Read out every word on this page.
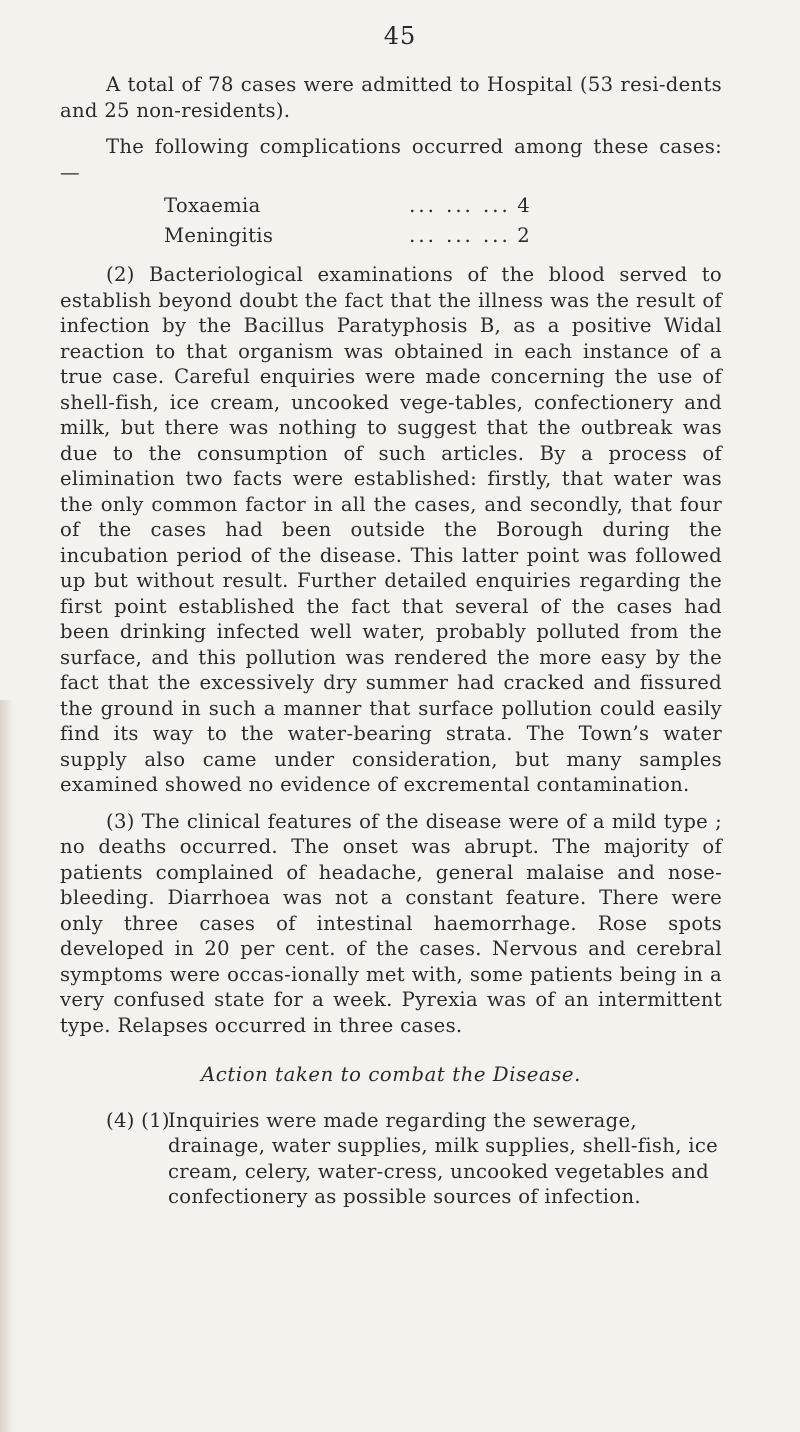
45

A total of 78 cases were admitted to Hospital (53 resi-dents and 25 non-residents).

The following complications occurred among these cases: —

Toxaemia	... ... ... 4
Meningitis	... ... ... 2

(2) Bacteriological examinations of the blood served to establish beyond doubt the fact that the illness was the result of infection by the Bacillus Paratyphosis B, as a positive Widal reaction to that organism was obtained in each instance of a true case. Careful enquiries were made concerning the use of shell-fish, ice cream, uncooked vege-tables, confectionery and milk, but there was nothing to suggest that the outbreak was due to the consumption of such articles. By a process of elimination two facts were established: firstly, that water was the only common factor in all the cases, and secondly, that four of the cases had been outside the Borough during the incubation period of the disease. This latter point was followed up but without result. Further detailed enquiries regarding the first point established the fact that several of the cases had been drinking infected well water, probably polluted from the surface, and this pollution was rendered the more easy by the fact that the excessively dry summer had cracked and fissured the ground in such a manner that surface pollution could easily find its way to the water-bearing strata. The Town’s water supply also came under consideration, but many samples examined showed no evidence of excremental contamination.

(3) The clinical features of the disease were of a mild type ; no deaths occurred. The onset was abrupt. The majority of patients complained of headache, general malaise and nose-bleeding. Diarrhoea was not a constant feature. There were only three cases of intestinal haemorrhage. Rose spots developed in 20 per cent. of the cases. Nervous and cerebral symptoms were occas-ionally met with, some patients being in a very confused state for a week. Pyrexia was of an intermittent type. Relapses occurred in three cases.

Action taken to combat the Disease.
(4) (1)
Inquiries were made regarding the sewerage, drainage, water supplies, milk supplies, shell-fish, ice cream, celery, water-cress, uncooked vegetables and confectionery as possible sources of infection.
